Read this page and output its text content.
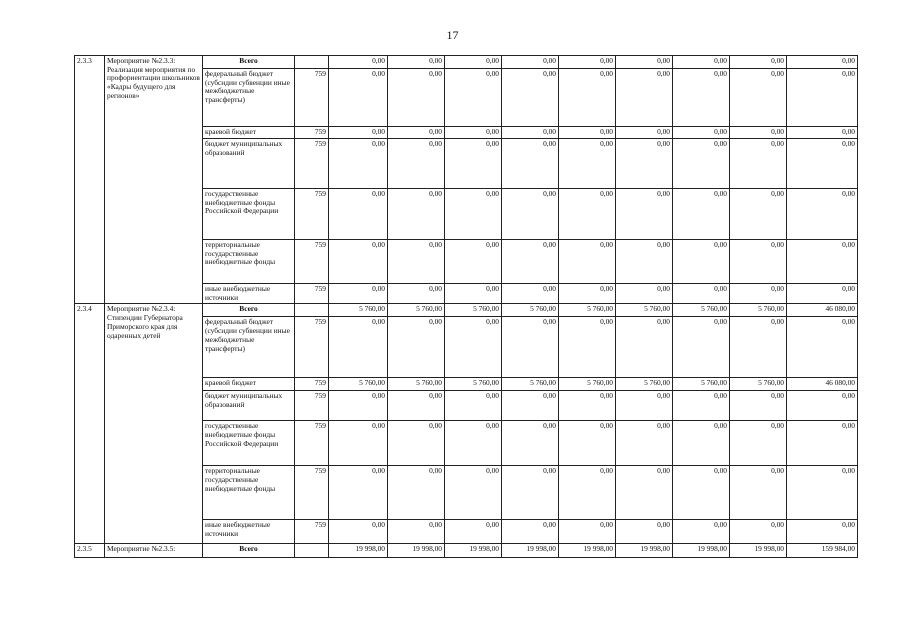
17
2.3.3	Мероприятие №2.3.3: Реализация мероприятия по профориентации школьников «Кадры будущего для регионов»	Всего		0,00	0,00	0,00	0,00	0,00	0,00	0,00	0,00	0,00
		федеральный бюджет (субсидии субвенции иные межбюджетные трансферты)	759	0,00	0,00	0,00	0,00	0,00	0,00	0,00	0,00	0,00
		краевой бюджет	759	0,00	0,00	0,00	0,00	0,00	0,00	0,00	0,00	0,00
		бюджет муниципальных образований	759	0,00	0,00	0,00	0,00	0,00	0,00	0,00	0,00	0,00
		государственные внебюджетные фонды Российской Федерации	759	0,00	0,00	0,00	0,00	0,00	0,00	0,00	0,00	0,00
		территориальные государственные внебюджетные фонды	759	0,00	0,00	0,00	0,00	0,00	0,00	0,00	0,00	0,00
		иные внебюджетные источники	759	0,00	0,00	0,00	0,00	0,00	0,00	0,00	0,00	0,00
2.3.4	Мероприятие №2.3.4: Стипендии Губернатора Приморского края для одаренных детей	Всего		5 760,00	5 760,00	5 760,00	5 760,00	5 760,00	5 760,00	5 760,00	5 760,00	46 080,00
		федеральный бюджет (субсидии субвенции иные межбюджетные трансферты)	759	0,00	0,00	0,00	0,00	0,00	0,00	0,00	0,00	0,00
		краевой бюджет	759	5 760,00	5 760,00	5 760,00	5 760,00	5 760,00	5 760,00	5 760,00	5 760,00	46 080,00
		бюджет муниципальных образований	759	0,00	0,00	0,00	0,00	0,00	0,00	0,00	0,00	0,00
		государственные внебюджетные фонды Российской Федерации	759	0,00	0,00	0,00	0,00	0,00	0,00	0,00	0,00	0,00
		территориальные государственные внебюджетные фонды	759	0,00	0,00	0,00	0,00	0,00	0,00	0,00	0,00	0,00
		иные внебюджетные источники	759	0,00	0,00	0,00	0,00	0,00	0,00	0,00	0,00	0,00
2.3.5	Мероприятие №2.3.5:	Всего		19 998,00	19 998,00	19 998,00	19 998,00	19 998,00	19 998,00	19 998,00	19 998,00	159 984,00
